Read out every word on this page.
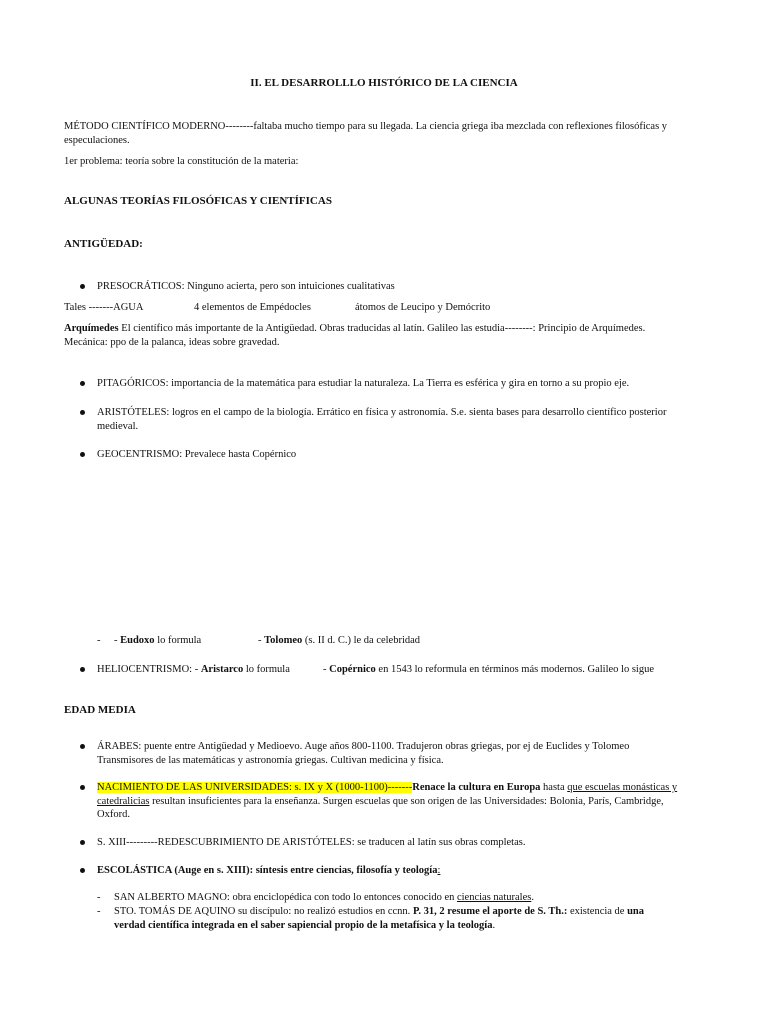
II. EL DESARROLLLO HISTÓRICO DE LA CIENCIA
MÉTODO CIENTÍFICO MODERNO--------faltaba mucho tiempo para su llegada. La ciencia griega iba mezclada con reflexiones filosóficas y
especulaciones.
1er problema: teoría sobre la constitución de la materia:
ALGUNAS TEORÍAS FILOSÓFICAS Y CIENTÍFICAS
ANTIGÜEDAD:
PRESOCRÁTICOS: Ninguno acierta, pero son intuiciones cualitativas
Tales -------AGUA	4 elementos de Empédocles	átomos de Leucipo y Demócrito
Arquímedes El científico más importante de la Antigüedad. Obras traducidas al latín. Galileo las estudia--------: Principio de Arquímedes.
Mecánica: ppo de la palanca, ideas sobre gravedad.
PITAGÓRICOS: importancia de la matemática para estudiar la naturaleza. La Tierra es esférica y gira en torno a su propio eje.
ARISTÓTELES: logros en el campo de la biología. Errático en física y astronomía. S.e. sienta bases para desarrollo científico posterior
medieval.
GEOCENTRISMO: Prevalece hasta Copérnico
- - Eudoxo lo formula	- Tolomeo (s. II d. C.) le da celebridad
HELIOCENTRISMO: - Aristarco lo formula	- Copérnico en 1543 lo reformula en términos más modernos. Galileo lo sigue
EDAD MEDIA
ÁRABES: puente entre Antigüedad y Medioevo. Auge años 800-1100. Tradujeron obras griegas, por ej de Euclides y Tolomeo
Transmisores de las matemáticas y astronomía griegas. Cultivan medicina y física.
NACIMIENTO DE LAS UNIVERSIDADES: s. IX y X (1000-1100)-------Renace la cultura en Europa hasta que escuelas monásticas y
catedralicias resultan insuficientes para la enseñanza. Surgen escuelas que son origen de las Universidades: Bolonia, París, Cambridge,
Oxford.
S. XIII---------REDESCUBRIMIENTO DE ARISTÓTELES: se traducen al latín sus obras completas.
ESCOLÁSTICA (Auge en s. XIII): síntesis entre ciencias, filosofía y teología:
- SAN ALBERTO MAGNO: obra enciclopédica con todo lo entonces conocido en ciencias naturales.
- STO. TOMÁS DE AQUINO su discípulo: no realizó estudios en ccnn. P. 31, 2 resume el aporte de S. Th.: existencia de una
verdad científica integrada en el saber sapiencial propio de la metafísica y la teología.
